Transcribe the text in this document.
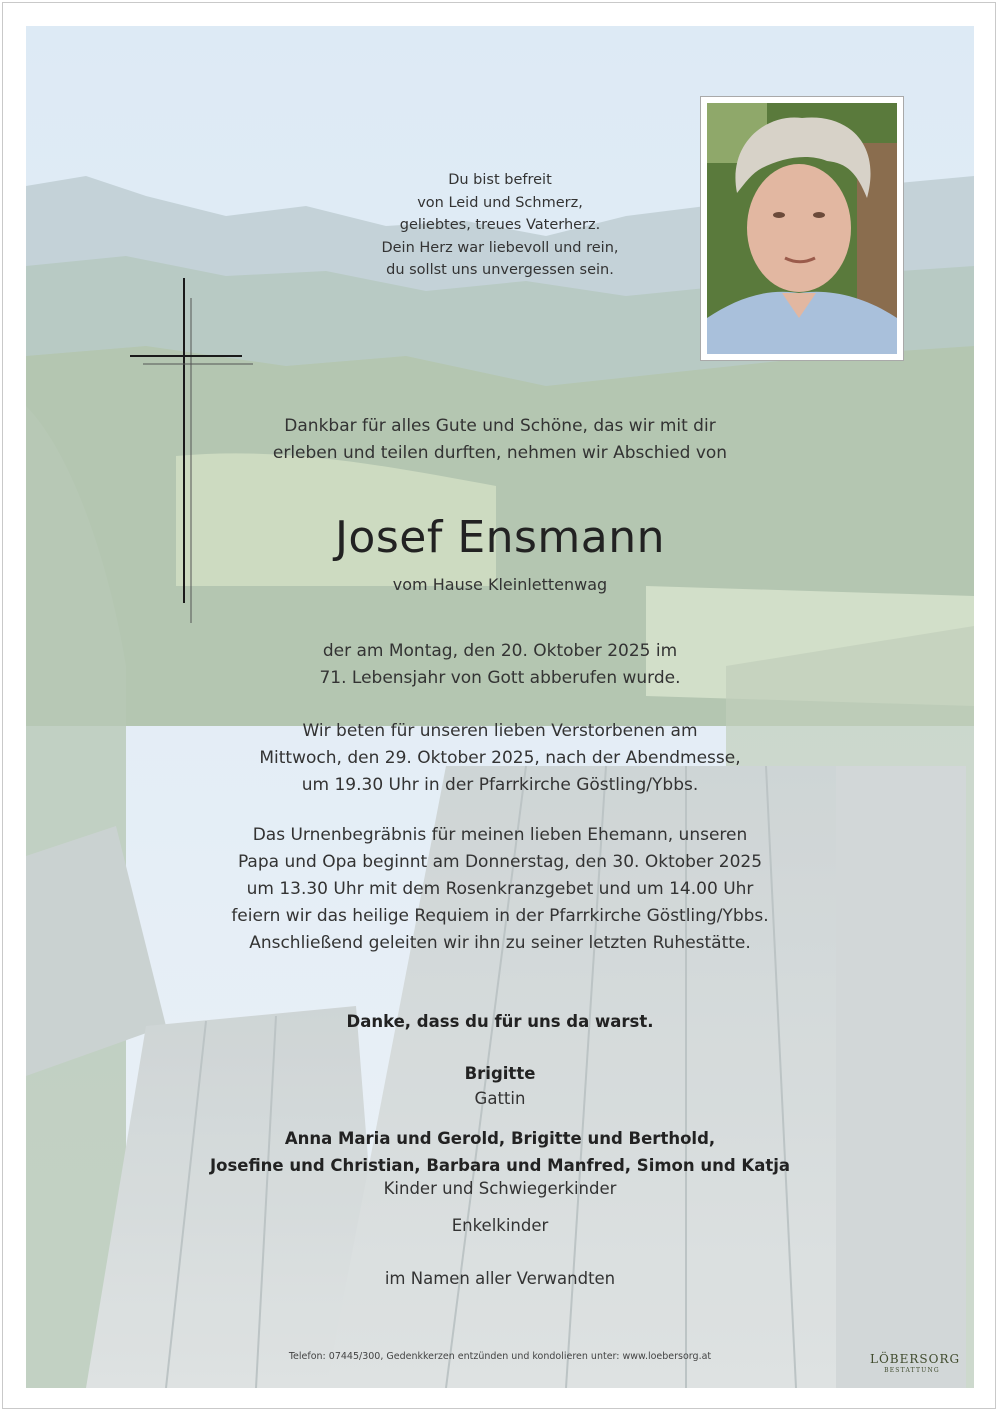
Du bist befreit
von Leid und Schmerz,
geliebtes, treues Vaterherz.
Dein Herz war liebevoll und rein,
du sollst uns unvergessen sein.
Dankbar für alles Gute und Schöne, das wir mit dir
erleben und teilen durften, nehmen wir Abschied von
Josef Ensmann
vom Hause Kleinlettenwag
der am Montag, den 20. Oktober 2025 im
71. Lebensjahr von Gott abberufen wurde.
Wir beten für unseren lieben Verstorbenen am
Mittwoch, den 29. Oktober 2025, nach der Abendmesse,
um 19.30 Uhr in der Pfarrkirche Göstling/Ybbs.
Das Urnenbegräbnis für meinen lieben Ehemann, unseren
Papa und Opa beginnt am Donnerstag, den 30. Oktober 2025
um 13.30 Uhr mit dem Rosenkranzgebet und um 14.00 Uhr
feiern wir das heilige Requiem in der Pfarrkirche Göstling/Ybbs.
Anschließend geleiten wir ihn zu seiner letzten Ruhestätte.
Danke, dass du für uns da warst.
Brigitte
Gattin
Anna Maria und Gerold, Brigitte und Berthold,
Josefine und Christian, Barbara und Manfred, Simon und Katja
Kinder und Schwiegerkinder
Enkelkinder
im Namen aller Verwandten
Telefon: 07445/300, Gedenkkerzen entzünden und kondolieren unter: www.loebersorg.at	LÖBERSORG
BESTATTUNG
